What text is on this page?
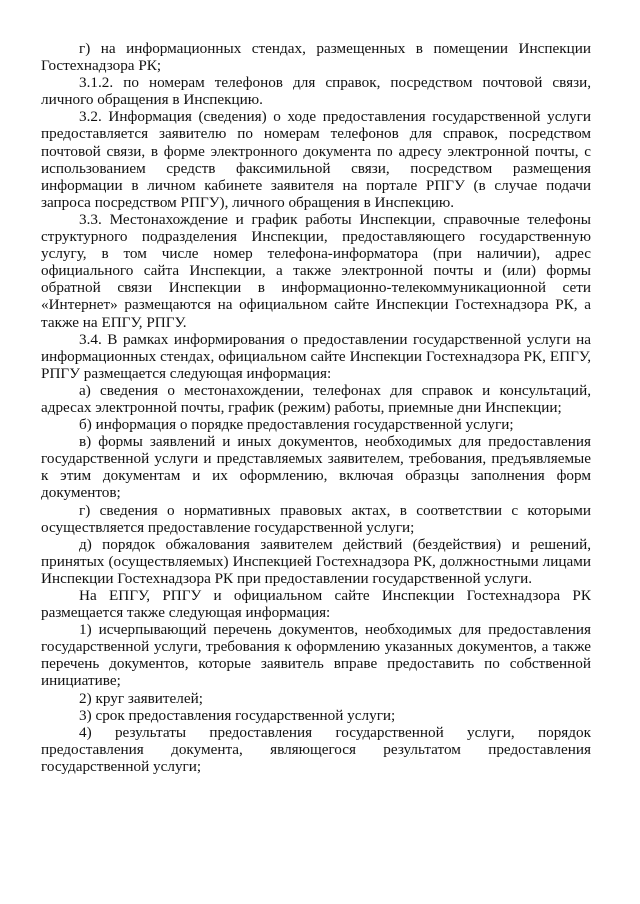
г) на информационных стендах, размещенных в помещении Инспекции Гостехнадзора РК;

3.1.2. по номерам телефонов для справок, посредством почтовой связи, личного обращения в Инспекцию.

3.2. Информация (сведения) о ходе предоставления государственной услуги предоставляется заявителю по номерам телефонов для справок, посредством почтовой связи, в форме электронного документа по адресу электронной почты, с использованием средств факсимильной связи, посредством размещения информации в личном кабинете заявителя на портале РПГУ (в случае подачи запроса посредством РПГУ), личного обращения в Инспекцию.

3.3. Местонахождение и график работы Инспекции, справочные телефоны структурного подразделения Инспекции, предоставляющего государственную услугу, в том числе номер телефона-информатора (при наличии), адрес официального сайта Инспекции, а также электронной почты и (или) формы обратной связи Инспекции в информационно-телекоммуникационной сети «Интернет» размещаются на официальном сайте Инспекции Гостехнадзора РК, а также на ЕПГУ, РПГУ.

3.4. В рамках информирования о предоставлении государственной услуги на информационных стендах, официальном сайте Инспекции Гостехнадзора РК, ЕПГУ, РПГУ размещается следующая информация:

а) сведения о местонахождении, телефонах для справок и консультаций, адресах электронной почты, график (режим) работы, приемные дни Инспекции;

б) информация о порядке предоставления государственной услуги;

в) формы заявлений и иных документов, необходимых для предоставления государственной услуги и представляемых заявителем, требования, предъявляемые к этим документам и их оформлению, включая образцы заполнения форм документов;

г) сведения о нормативных правовых актах, в соответствии с которыми осуществляется предоставление государственной услуги;

д) порядок обжалования заявителем действий (бездействия) и решений, принятых (осуществляемых) Инспекцией Гостехнадзора РК, должностными лицами Инспекции Гостехнадзора РК при предоставлении государственной услуги.

На ЕПГУ, РПГУ и официальном сайте Инспекции Гостехнадзора РК размещается также следующая информация:

1) исчерпывающий перечень документов, необходимых для предоставления государственной услуги, требования к оформлению указанных документов, а также перечень документов, которые заявитель вправе предоставить по собственной инициативе;

2) круг заявителей;

3) срок предоставления государственной услуги;

4) результаты предоставления государственной услуги, порядок предоставления документа, являющегося результатом предоставления государственной услуги;
